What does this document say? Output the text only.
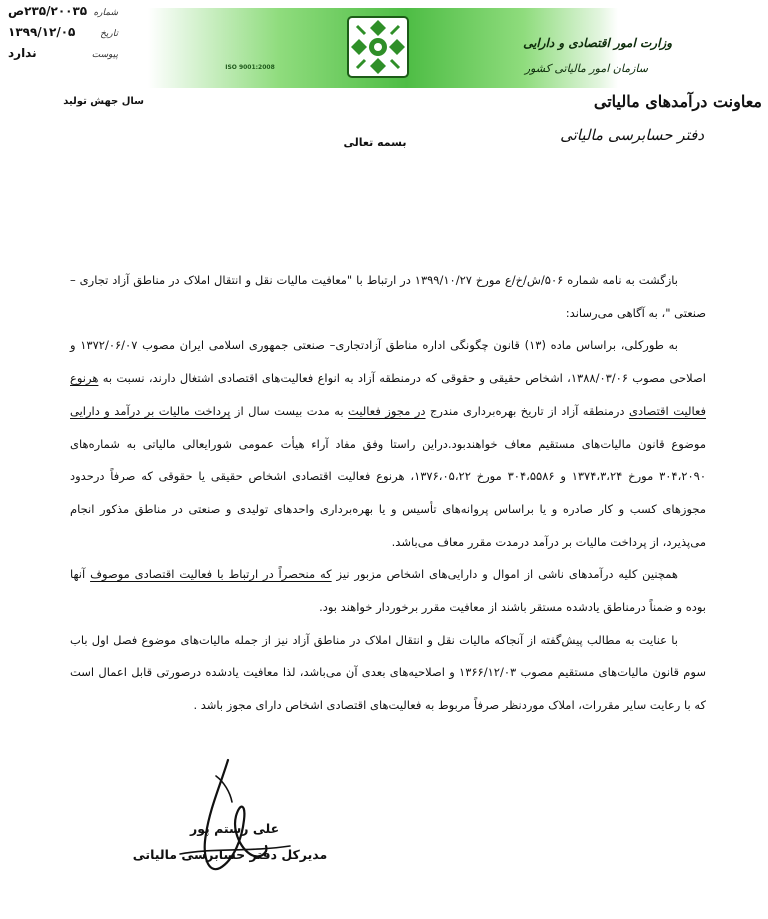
ISO 9001:2008
وزارت امور اقتصادی و دارایی
سازمان امور مالیاتی کشور
معاونت درآمدهای مالیاتی
دفتر حسابرسی مالیاتی
۲۳۵/۲۰۰۳۵ص شماره
۱۳۹۹/۱۲/۰۵	تاریخ
ندارد	پیوست
سال جهش تولید
بسمه تعالی

بازگشت به نامه شماره ۵۰۶/ش/خ/ع مورخ ۱۳۹۹/۱۰/۲۷ در ارتباط با "معافیت مالیات نقل و انتقال املاک در مناطق آزاد تجاری – صنعتی "، به آگاهی می‌رساند:

به طورکلی، براساس ماده (۱۳) قانون چگونگی اداره مناطق آزادتجاری– صنعتی جمهوری اسلامی ایران مصوب ۱۳۷۲/۰۶/۰۷ و اصلاحی مصوب ۱۳۸۸/۰۳/۰۶، اشخاص حقیقی و حقوقی که درمنطقه آزاد به انواع فعالیت‌های اقتصادی اشتغال دارند، نسبت به هرنوع فعالیت اقتصادی درمنطقه آزاد از تاریخ بهره‌برداری مندرج در مجوز فعالیت به مدت بیست سال از پرداخت مالیات بر درآمد و دارایی موضوع قانون مالیات‌های مستقیم معاف خواهند‌بود.دراین راستا وفق مفاد آراء هیأت عمومی شورایعالی مالیاتی به شماره‌های ۳۰۴،۲۰۹۰ مورخ ۱۳۷۴،۳،۲۴ و ۳۰۴،۵۵۸۶ مورخ ۱۳۷۶،۰۵،۲۲، هرنوع فعالیت اقتصادی اشخاص حقیقی یا حقوقی که صرفاً درحدود مجوزهای کسب و کار صادره و یا براساس پروانه‌های تأسیس و یا بهره‌برداری واحدهای تولیدی و صنعتی در مناطق مذکور انجام می‌پذیرد، از پرداخت مالیات بر درآمد درمدت مقرر معاف می‌باشد.

همچنین کلیه درآمدهای ناشی از اموال و دارایی‌های اشخاص مزبور نیز که منحصراً در ارتباط با فعالیت اقتصادی موصوف آنها بوده و ضمناً درمناطق یادشده مستقر باشند از معافیت مقرر برخوردار خواهند بود.

با عنایت به مطالب پیش‌گفته از آنجاکه مالیات نقل و انتقال املاک در مناطق آزاد نیز از جمله مالیات‌های موضوع فصل اول باب سوم قانون مالیات‌های مستقیم مصوب ۱۳۶۶/۱۲/۰۳ و اصلاحیه‌های بعدی آن می‌باشد، لذا معافیت یادشده درصورتی قابل اعمال است که با رعایت سایر مقررات، املاک موردنظر صرفاً مربوط به فعالیت‌های اقتصادی اشخاص دارای مجوز باشد .

علی رستم پور
مدیرکل دفتر حسابرسی مالیاتی
